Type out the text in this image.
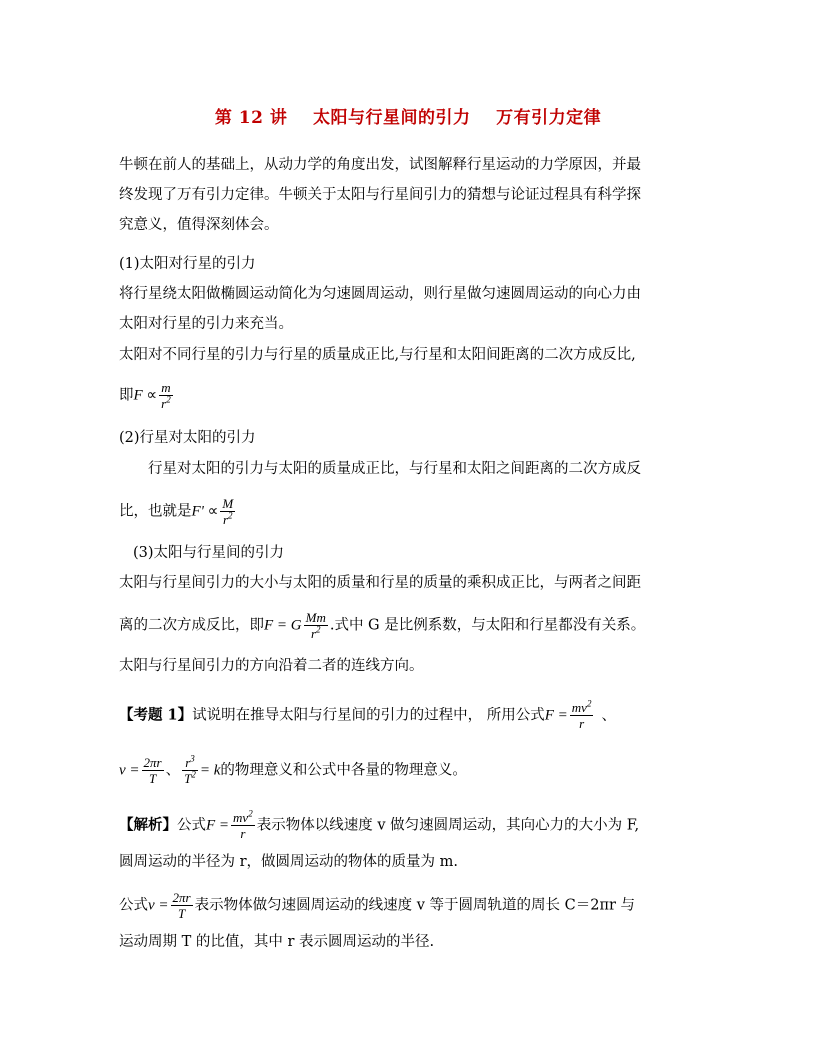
第 12 讲    太阳与行星间的引力    万有引力定律
牛顿在前人的基础上，从动力学的角度出发，试图解释行星运动的力学原因，并最
终发现了万有引力定律。牛顿关于太阳与行星间引力的猜想与论证过程具有科学探
究意义，值得深刻体会。
(1)太阳对行星的引力
将行星绕太阳做椭圆运动简化为匀速圆周运动，则行星做匀速圆周运动的向心力由
太阳对行星的引力来充当。
太阳对不同行星的引力与行星的质量成正比,与行星和太阳间距离的二次方成反比,
即$F \propto \frac{m}{r^2}$
(2)行星对太阳的引力
行星对太阳的引力与太阳的质量成正比，与行星和太阳之间距离的二次方成反
比，也就是$F' \propto \frac{M}{r^2}$
(3)太阳与行星间的引力
太阳与行星间引力的大小与太阳的质量和行星的质量的乘积成正比，与两者之间距
离的二次方成反比，即F = G $\frac{Mm}{r^2}$ .式中 G 是比例系数，与太阳和行星都没有关系。
太阳与行星间引力的方向沿着二者的连线方向。
【考题 1】试说明在推导太阳与行星间的引力的过程中， 所用公式$F = \frac{mv^2}{r}$ 、
$v = \frac{2\pi r}{T}$ 、 $\frac{r^3}{T^2} = k$的物理意义和公式中各量的物理意义。
【解析】公式$F = \frac{mv^2}{r}$ 表示物体以线速度 v 做匀速圆周运动，其向心力的大小为 F,
圆周运动的半径为 r，做圆周运动的物体的质量为 m.
公式$v = \frac{2\pi r}{T}$ 表示物体做匀速圆周运动的线速度 v 等于圆周轨道的周长 C＝2πr 与
运动周期 T 的比值，其中 r 表示圆周运动的半径.
